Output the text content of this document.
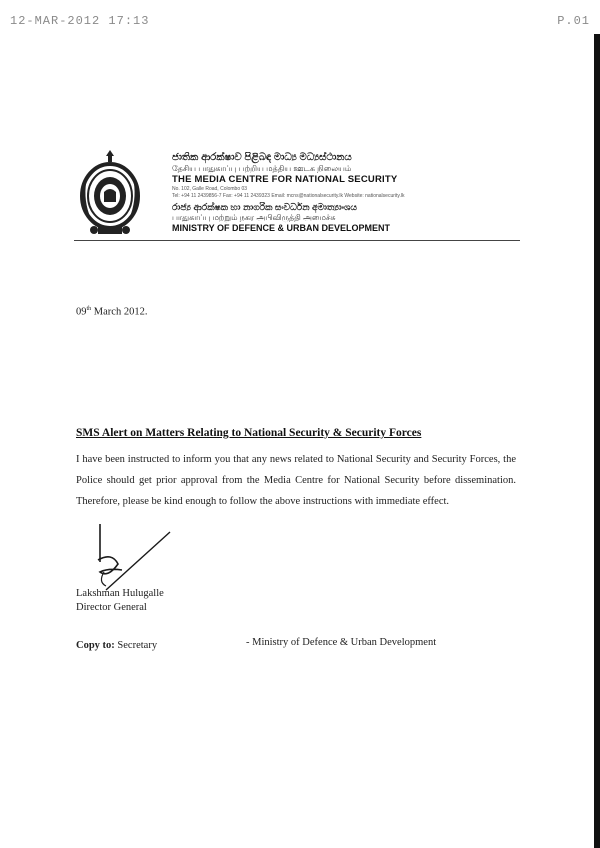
12-MAR-2012 17:13	P.01
ජාතික ආරක්ෂාව පිළිබඳ මාධ්‍ය මධ්‍යස්ථානය
தேசிய பாதுகாப்பு பற்றிய மத்திய ஊடக நிலையம்
THE MEDIA CENTRE FOR NATIONAL SECURITY
No. 102, Galle Road, Colombo 03
Tel: +94 11 2439856-7 Fax: +94 11 2439323 Email: mcns@nationalsecurity.lk Website: nationalsecurity.lk
රාජ්‍ය ආරක්ෂක හා නාගරික සංවර්ධන අමාත්‍යාංශය
பாதுகாப்பு மற்றும் நகர அபிவிருத்தி அமைச்சு
MINISTRY OF DEFENCE & URBAN DEVELOPMENT
09th March 2012.
SMS Alert on Matters Relating to National Security & Security Forces
I have been instructed to inform you that any news related to National Security and Security Forces, the Police should get prior approval from the Media Centre for National Security before dissemination. Therefore, please be kind enough to follow the above instructions with immediate effect.
Lakshman Hulugalle
Director General
Copy to: Secretary	- Ministry of Defence & Urban Development
